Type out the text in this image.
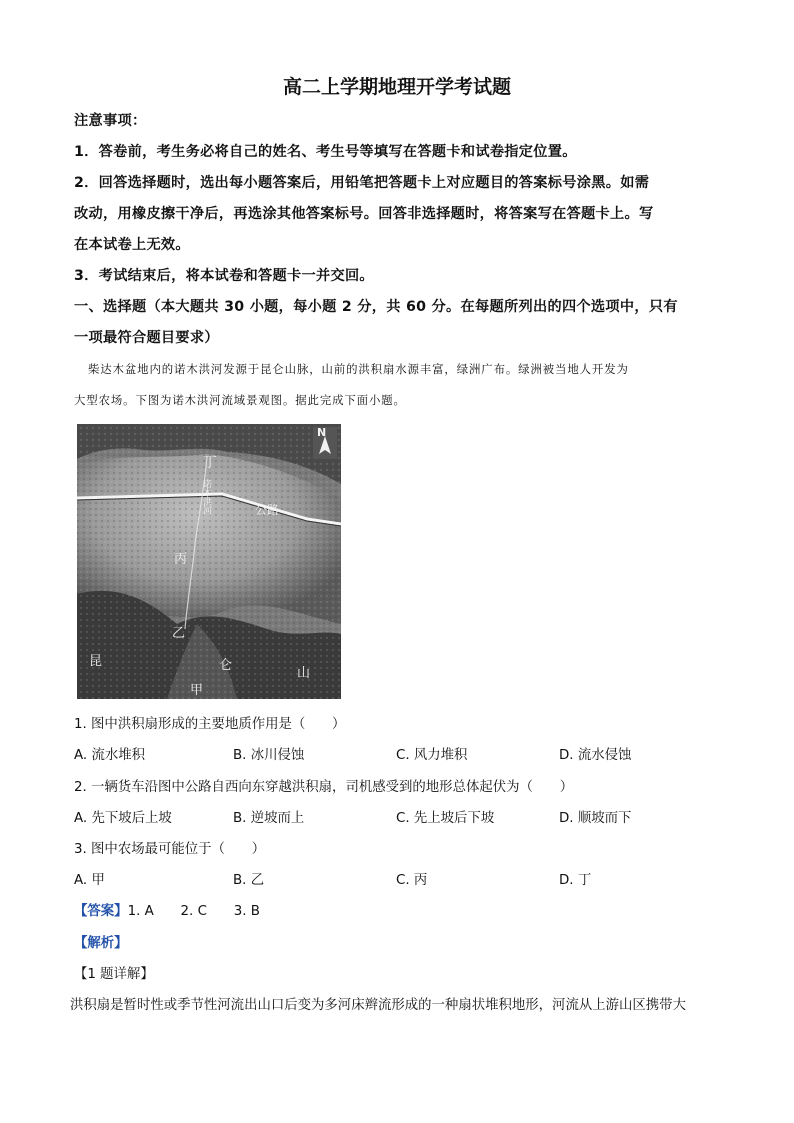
高二上学期地理开学考试题
注意事项：
1．答卷前，考生务必将自己的姓名、考生号等填写在答题卡和试卷指定位置。
2．回答选择题时，选出每小题答案后，用铅笔把答题卡上对应题目的答案标号涂黑。如需
改动，用橡皮擦干净后，再选涂其他答案标号。回答非选择题时，将答案写在答题卡上。写
在本试卷上无效。
3．考试结束后，将本试卷和答题卡一并交回。
一、选择题（本大题共 30 小题，每小题 2 分，共 60 分。在每题所列出的四个选项中，只有
一项最符合题目要求）
柴达木盆地内的诺木洪河发源于昆仑山脉，山前的洪积扇水源丰富，绿洲广布。绿洲被当地人开发为
大型农场。下图为诺木洪河流域景观图。据此完成下面小题。
N
丁
诺木洪河	公路
丙
乙
昆	仑
山
甲
1. 图中洪积扇形成的主要地质作用是（　　）
A. 流水堆积	B. 冰川侵蚀	C. 风力堆积	D. 流水侵蚀
2. 一辆货车沿图中公路自西向东穿越洪积扇，司机感受到的地形总体起伏为（　　）
A. 先下坡后上坡	B. 逆坡而上	C. 先上坡后下坡	D. 顺坡而下
3. 图中农场最可能位于（　　）
A. 甲	B. 乙	C. 丙	D. 丁
【答案】1. A　　2. C　　3. B
【解析】
【1 题详解】
洪积扇是暂时性或季节性河流出山口后变为多河床辫流形成的一种扇状堆积地形，河流从上游山区携带大
